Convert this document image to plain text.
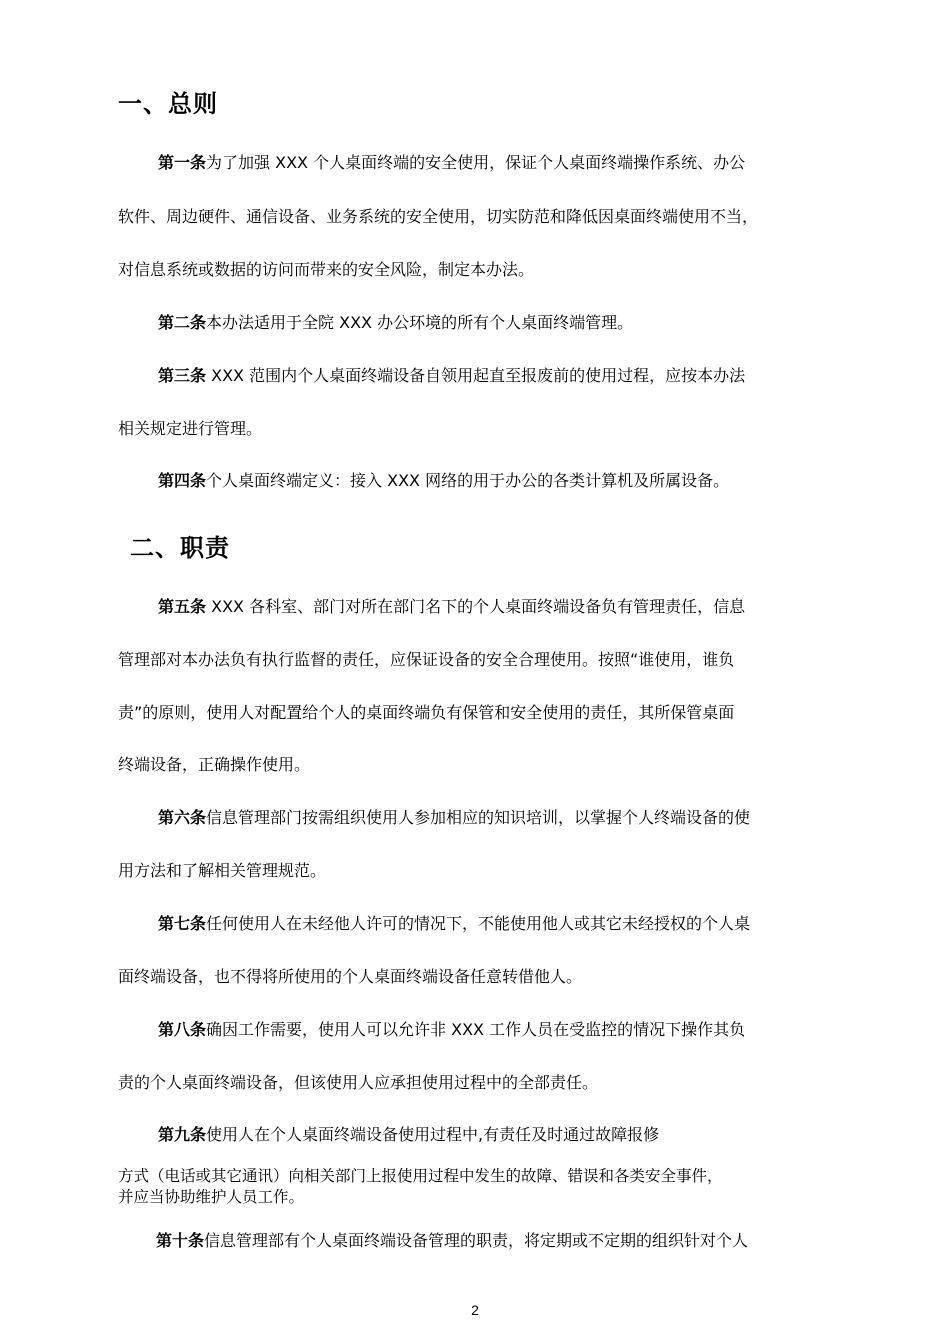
一、总则

第一条为了加强 XXX 个人桌面终端的安全使用，保证个人桌面终端操作系统、办公

软件、周边硬件、通信设备、业务系统的安全使用，切实防范和降低因桌面终端使用不当，

对信息系统或数据的访问而带来的安全风险，制定本办法。

第二条本办法适用于全院 XXX 办公环境的所有个人桌面终端管理。

第三条 XXX 范围内个人桌面终端设备自领用起直至报废前的使用过程，应按本办法

相关规定进行管理。

第四条个人桌面终端定义：接入 XXX 网络的用于办公的各类计算机及所属设备。

二、职责

第五条 XXX 各科室、部门对所在部门名下的个人桌面终端设备负有管理责任，信息

管理部对本办法负有执行监督的责任，应保证设备的安全合理使用。按照“谁使用，谁负

责”的原则，使用人对配置给个人的桌面终端负有保管和安全使用的责任，其所保管桌面

终端设备，正确操作使用。

第六条信息管理部门按需组织使用人参加相应的知识培训，以掌握个人终端设备的使

用方法和了解相关管理规范。

第七条任何使用人在未经他人许可的情况下，不能使用他人或其它未经授权的个人桌

面终端设备，也不得将所使用的个人桌面终端设备任意转借他人。

第八条确因工作需要，使用人可以允许非 XXX 工作人员在受监控的情况下操作其负

责的个人桌面终端设备，但该使用人应承担使用过程中的全部责任。

第九条使用人在个人桌面终端设备使用过程中,有责任及时通过故障报修

方式（电话或其它通讯）向相关部门上报使用过程中发生的故障、错误和各类安全事件，

并应当协助维护人员工作。

第十条信息管理部有个人桌面终端设备管理的职责，将定期或不定期的组织针对个人

2
